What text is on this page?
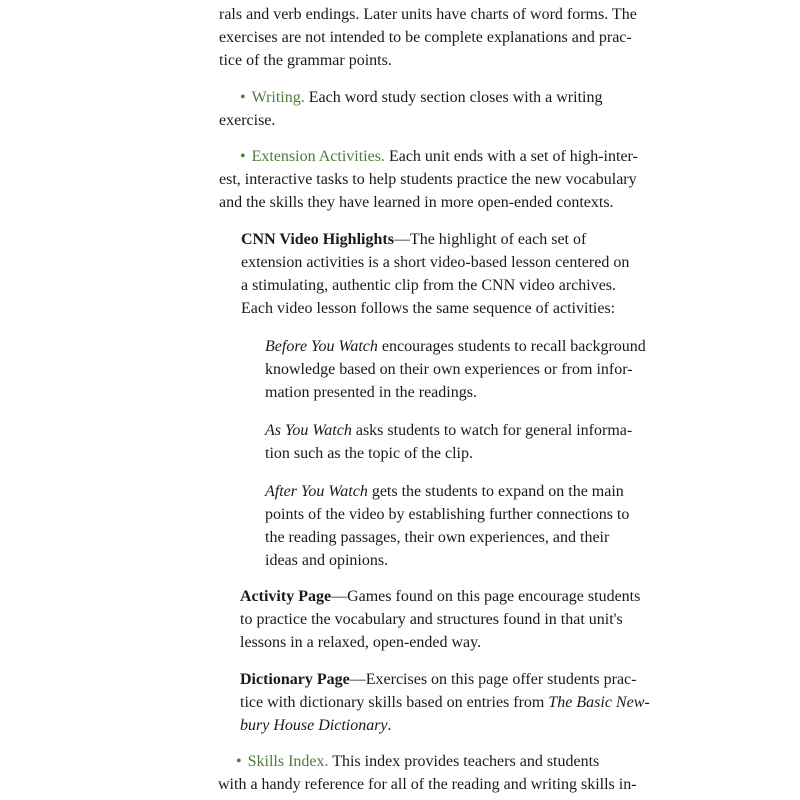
rals and verb endings. Later units have charts of word forms. The
exercises are not intended to be complete explanations and prac-
tice of the grammar points.
• Writing. Each word study section closes with a writing
exercise.
• Extension Activities. Each unit ends with a set of high-inter-
est, interactive tasks to help students practice the new vocabulary
and the skills they have learned in more open-ended contexts.
CNN Video Highlights—The highlight of each set of
extension activities is a short video-based lesson centered on
a stimulating, authentic clip from the CNN video archives.
Each video lesson follows the same sequence of activities:
Before You Watch encourages students to recall background
knowledge based on their own experiences or from infor-
mation presented in the readings.
As You Watch asks students to watch for general informa-
tion such as the topic of the clip.
After You Watch gets the students to expand on the main
points of the video by establishing further connections to
the reading passages, their own experiences, and their
ideas and opinions.
Activity Page—Games found on this page encourage students
to practice the vocabulary and structures found in that unit's
lessons in a relaxed, open-ended way.
Dictionary Page—Exercises on this page offer students prac-
tice with dictionary skills based on entries from The Basic New-
bury House Dictionary.
• Skills Index. This index provides teachers and students
with a handy reference for all of the reading and writing skills in-
